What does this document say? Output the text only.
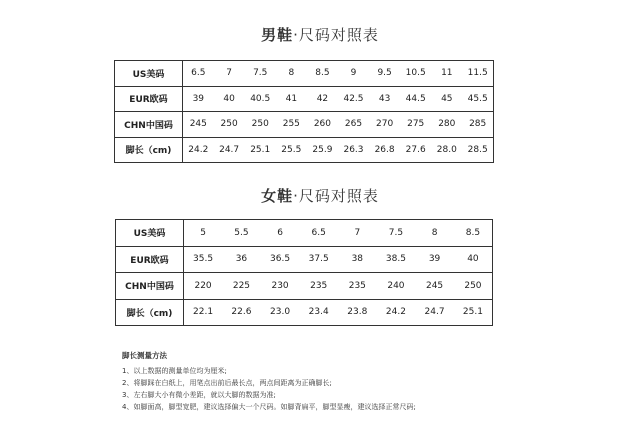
男鞋·尺码对照表
US美码	6.5	7	7.5	8	8.5	9	9.5	10.5	11	11.5
EUR欧码	39	40	40.5	41	42	42.5	43	44.5	45	45.5
CHN中国码	245	250	250	255	260	265	270	275	280	285
脚长（cm)	24.2	24.7	25.1	25.5	25.9	26.3	26.8	27.6	28.0	28.5
女鞋·尺码对照表
US美码	5	5.5	6	6.5	7	7.5	8	8.5
EUR欧码	35.5	36	36.5	37.5	38	38.5	39	40
CHN中国码	220	225	230	235	235	240	245	250
脚长（cm)	22.1	22.6	23.0	23.4	23.8	24.2	24.7	25.1
脚长测量方法
1、以上数据的测量单位均为厘米;
2、将脚踩在白纸上，用笔点出前后最长点，两点间距离为正确脚长;
3、左右脚大小有微小差距，就以大脚的数据为准;
4、如脚面高，脚型宽肥，建议选择偏大一个尺码。如脚背扁平，脚型显瘦，建议选择正常尺码;
